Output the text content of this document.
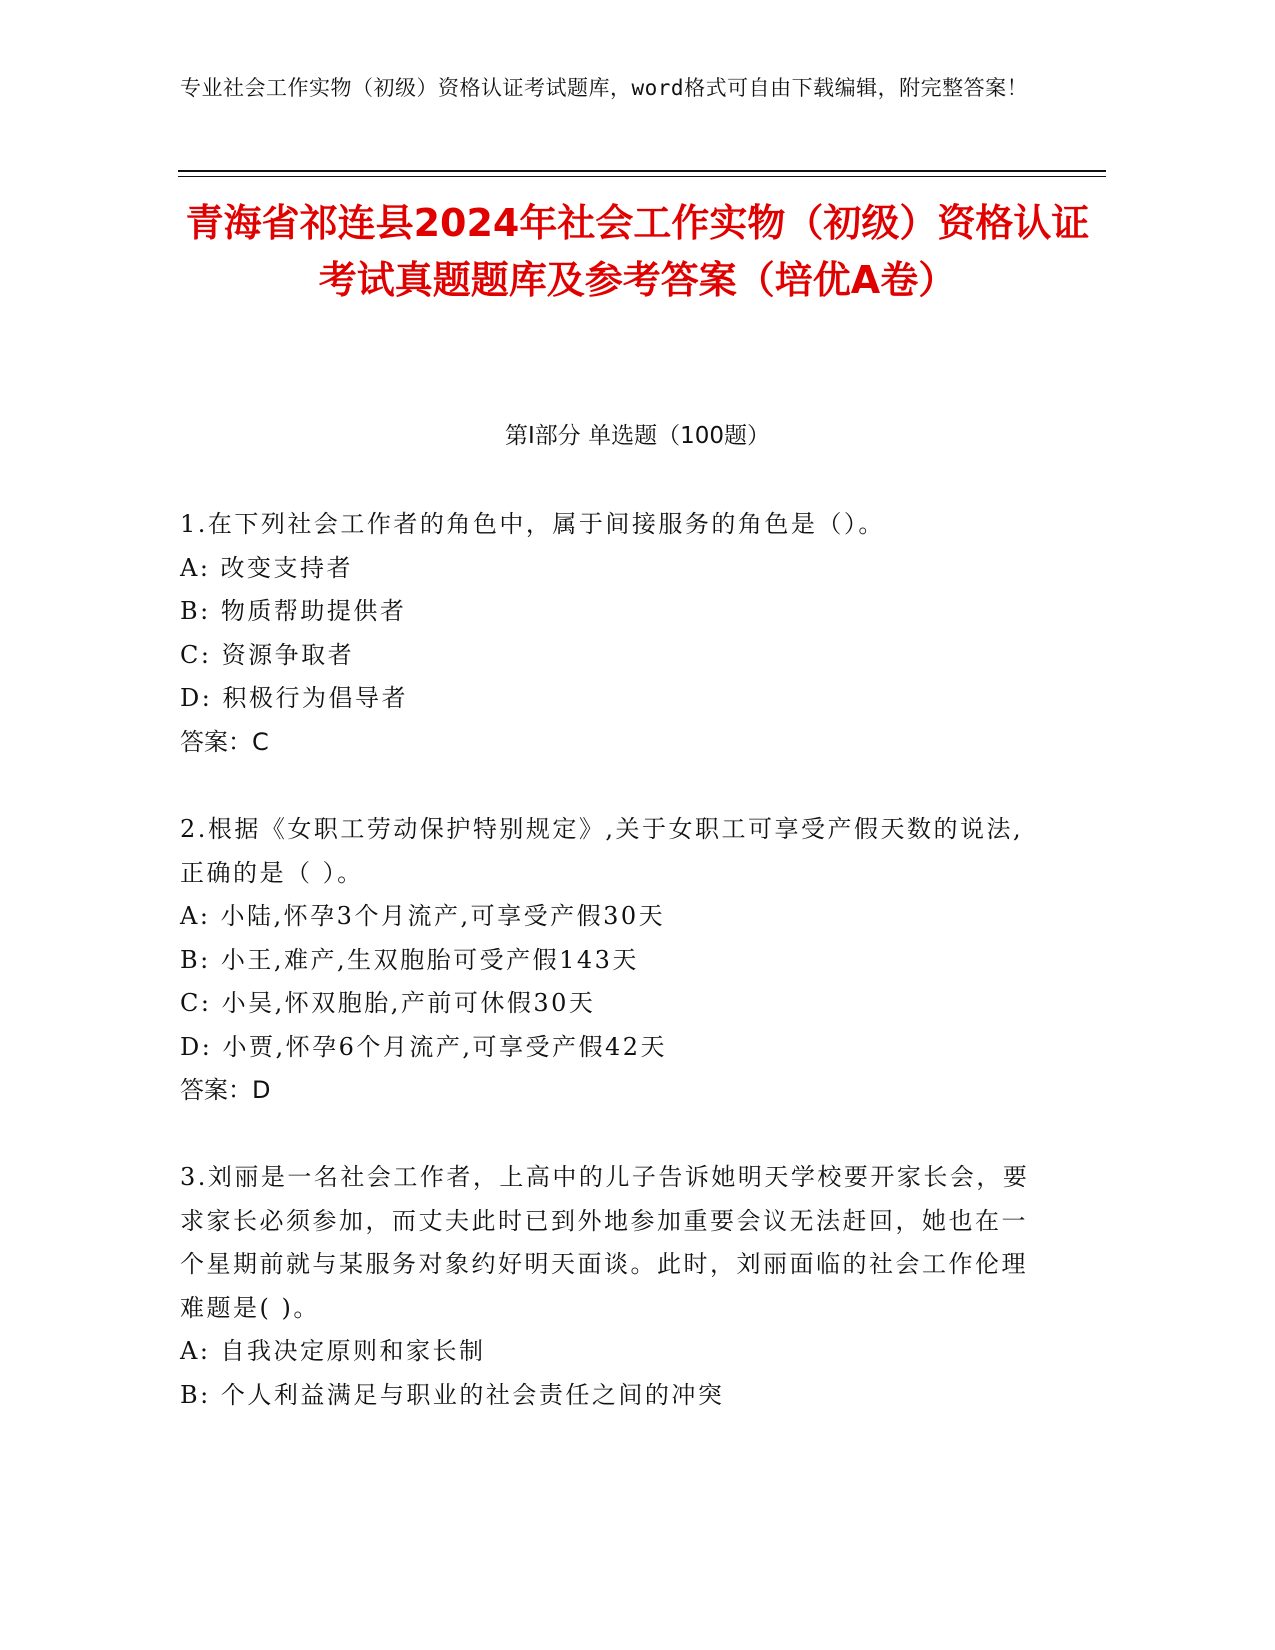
专业社会工作实物（初级）资格认证考试题库，word格式可自由下载编辑，附完整答案！
青海省祁连县2024年社会工作实物（初级）资格认证考试真题题库及参考答案（培优A卷）
第Ⅰ部分 单选题（100题）

1.在下列社会工作者的角色中，属于间接服务的角色是（）。

A: 改变支持者

B: 物质帮助提供者

C: 资源争取者

D: 积极行为倡导者

答案：C

2.根据《女职工劳动保护特别规定》,关于女职工可享受产假天数的说法,正确的是（ ）。

A: 小陆,怀孕3个月流产,可享受产假30天

B: 小王,难产,生双胞胎可受产假143天

C: 小吴,怀双胞胎,产前可休假30天

D: 小贾,怀孕6个月流产,可享受产假42天

答案：D

3.刘丽是一名社会工作者，上高中的儿子告诉她明天学校要开家长会，要求家长必须参加，而丈夫此时已到外地参加重要会议无法赶回，她也在一个星期前就与某服务对象约好明天面谈。此时，刘丽面临的社会工作伦理难题是( )。

A: 自我决定原则和家长制

B: 个人利益满足与职业的社会责任之间的冲突
